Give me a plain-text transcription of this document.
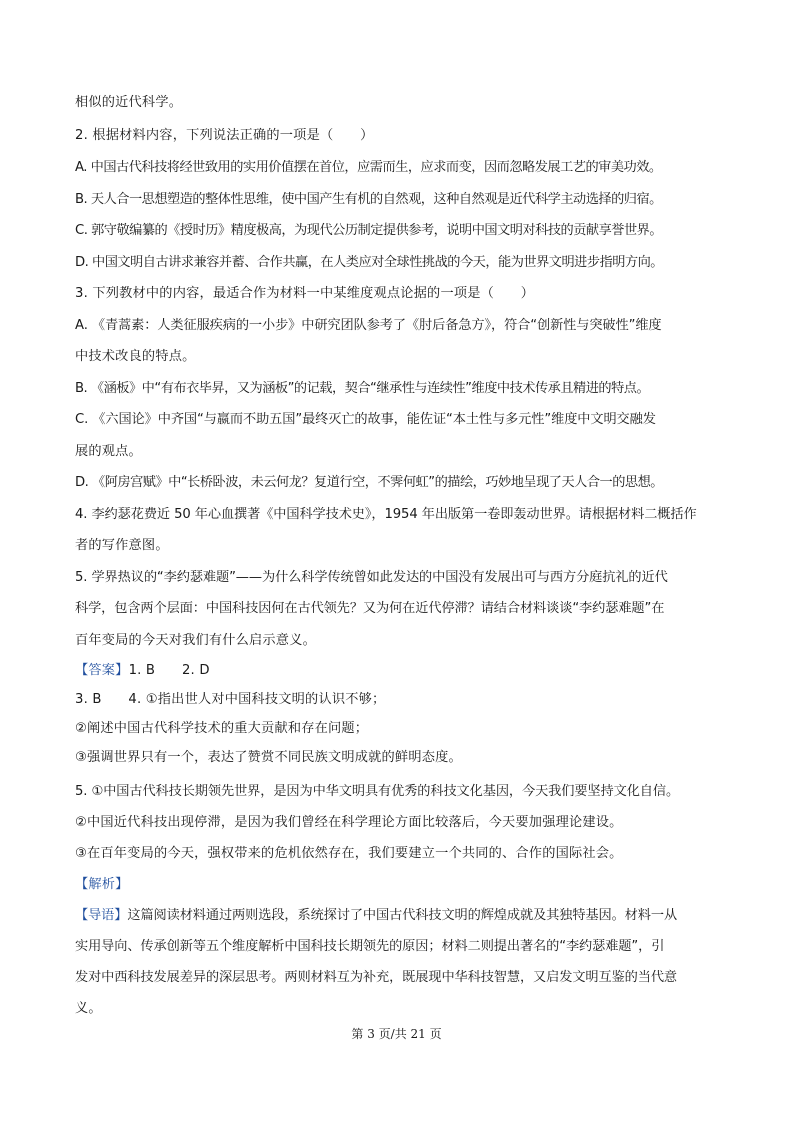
相似的近代科学。
2. 根据材料内容，下列说法正确的一项是（　　）
A. 中国古代科技将经世致用的实用价值摆在首位，应需而生，应求而变，因而忽略发展工艺的审美功效。
B. 天人合一思想塑造的整体性思维，使中国产生有机的自然观，这种自然观是近代科学主动选择的归宿。
C. 郭守敬编纂的《授时历》精度极高，为现代公历制定提供参考，说明中国文明对科技的贡献享誉世界。
D. 中国文明自古讲求兼容并蓄、合作共赢，在人类应对全球性挑战的今天，能为世界文明进步指明方向。
3. 下列教材中的内容，最适合作为材料一中某维度观点论据的一项是（　　）
A. 《青蒿素：人类征服疾病的一小步》中研究团队参考了《肘后备急方》，符合“创新性与突破性”维度
中技术改良的特点。
B. 《涵板》中“有布衣毕昇，又为涵板”的记载，契合“继承性与连续性”维度中技术传承且精进的特点。
C. 《六国论》中齐国“与嬴而不助五国”最终灭亡的故事，能佐证“本土性与多元性”维度中文明交融发
展的观点。
D. 《阿房宫赋》中“长桥卧波，未云何龙？复道行空，不霁何虹”的描绘，巧妙地呈现了天人合一的思想。
4. 李约瑟花费近 50 年心血撰著《中国科学技术史》，1954 年出版第一卷即轰动世界。请根据材料二概括作
者的写作意图。
5. 学界热议的“李约瑟难题”——为什么科学传统曾如此发达的中国没有发展出可与西方分庭抗礼的近代
科学，包含两个层面：中国科技因何在古代领先？又为何在近代停滞？请结合材料谈谈“李约瑟难题”在
百年变局的今天对我们有什么启示意义。
【答案】1. B　　2. D
3. B　　4. ①指出世人对中国科技文明的认识不够；
②阐述中国古代科学技术的重大贡献和存在问题；
③强调世界只有一个，表达了赞赏不同民族文明成就的鲜明态度。
5. ①中国古代科技长期领先世界，是因为中华文明具有优秀的科技文化基因，今天我们要坚持文化自信。
②中国近代科技出现停滞，是因为我们曾经在科学理论方面比较落后，今天要加强理论建设。
③在百年变局的今天，强权带来的危机依然存在，我们要建立一个共同的、合作的国际社会。
【解析】
【导语】这篇阅读材料通过两则选段，系统探讨了中国古代科技文明的辉煌成就及其独特基因。材料一从
实用导向、传承创新等五个维度解析中国科技长期领先的原因；材料二则提出著名的“李约瑟难题”，引
发对中西科技发展差异的深层思考。两则材料互为补充，既展现中华科技智慧，又启发文明互鉴的当代意
义。
第 3 页/共 21 页
